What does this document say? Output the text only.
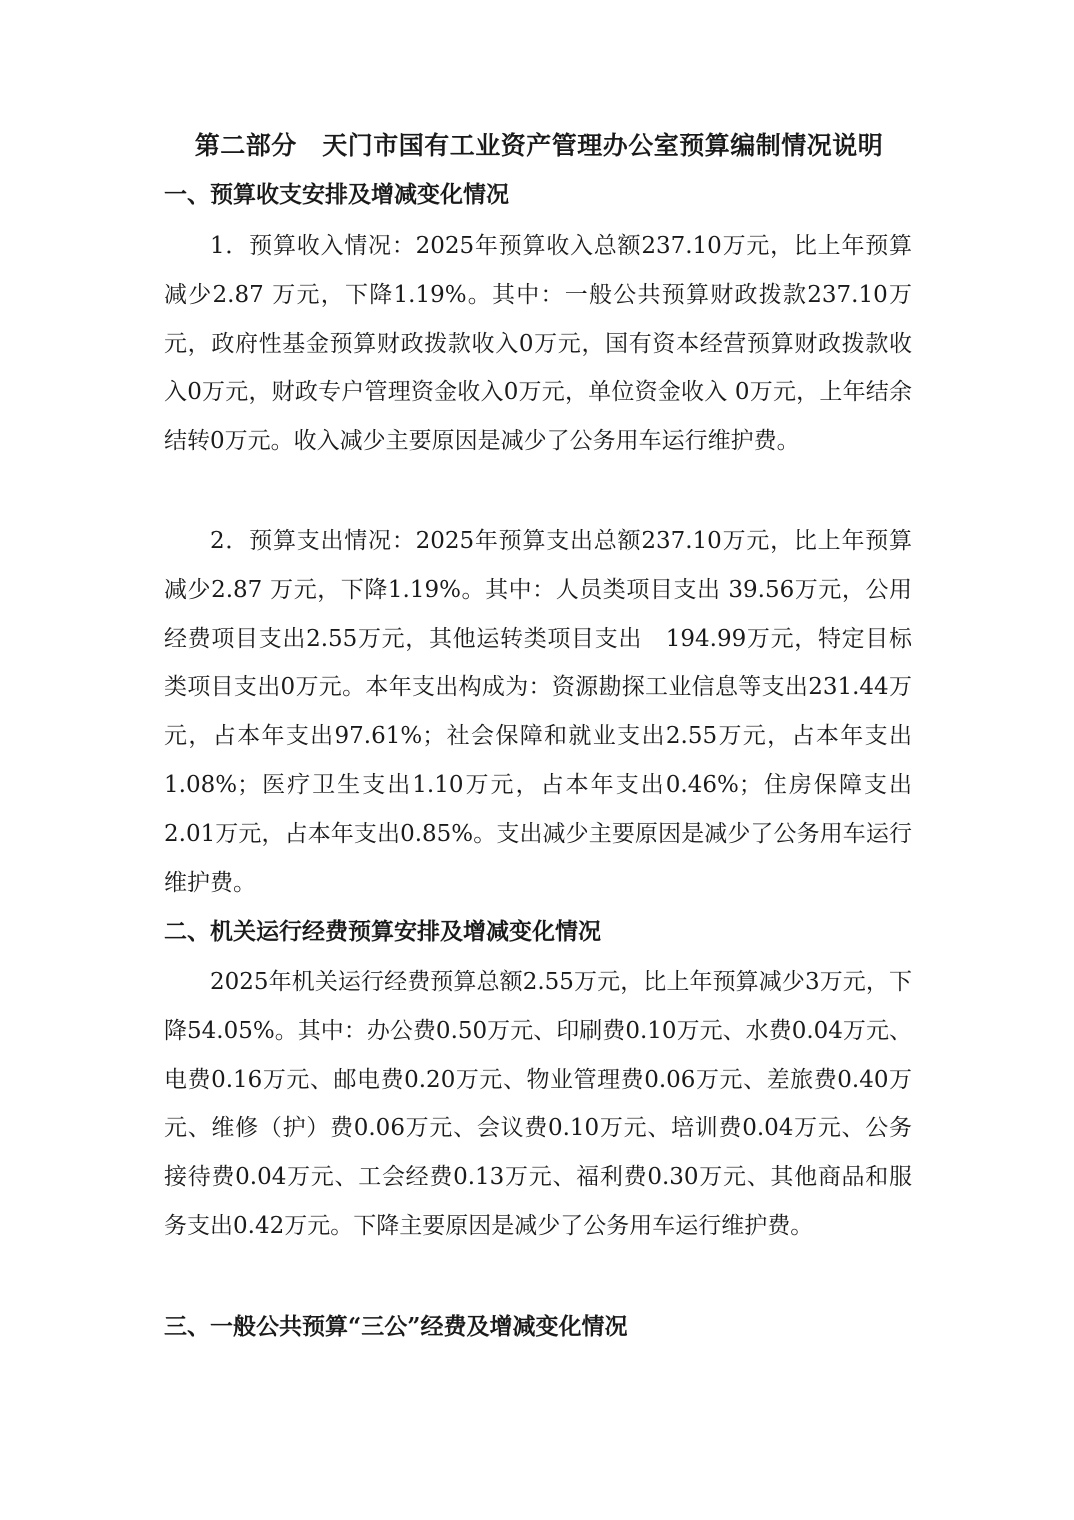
第二部分　天门市国有工业资产管理办公室预算编制情况说明
一、预算收支安排及增减变化情况

1．预算收入情况：2025年预算收入总额237.10万元，比上年预算减少2.87 万元，下降1.19%。其中：一般公共预算财政拨款237.10万元，政府性基金预算财政拨款收入0万元，国有资本经营预算财政拨款收入0万元，财政专户管理资金收入0万元，单位资金收入 0万元，上年结余结转0万元。收入减少主要原因是减少了公务用车运行维护费。

2．预算支出情况：2025年预算支出总额237.10万元，比上年预算减少2.87 万元，下降1.19%。其中：人员类项目支出 39.56万元，公用经费项目支出2.55万元，其他运转类项目支出　194.99万元，特定目标类项目支出0万元。本年支出构成为：资源勘探工业信息等支出231.44万元，占本年支出97.61%；社会保障和就业支出2.55万元，占本年支出1.08%；医疗卫生支出1.10万元，占本年支出0.46%；住房保障支出 2.01万元，占本年支出0.85%。支出减少主要原因是减少了公务用车运行维护费。

二、机关运行经费预算安排及增减变化情况

2025年机关运行经费预算总额2.55万元，比上年预算减少3万元，下降54.05%。其中：办公费0.50万元、印刷费0.10万元、水费0.04万元、电费0.16万元、邮电费0.20万元、物业管理费0.06万元、差旅费0.40万元、维修（护）费0.06万元、会议费0.10万元、培训费0.04万元、公务接待费0.04万元、工会经费0.13万元、福利费0.30万元、其他商品和服务支出0.42万元。下降主要原因是减少了公务用车运行维护费。

三、一般公共预算“三公”经费及增减变化情况
